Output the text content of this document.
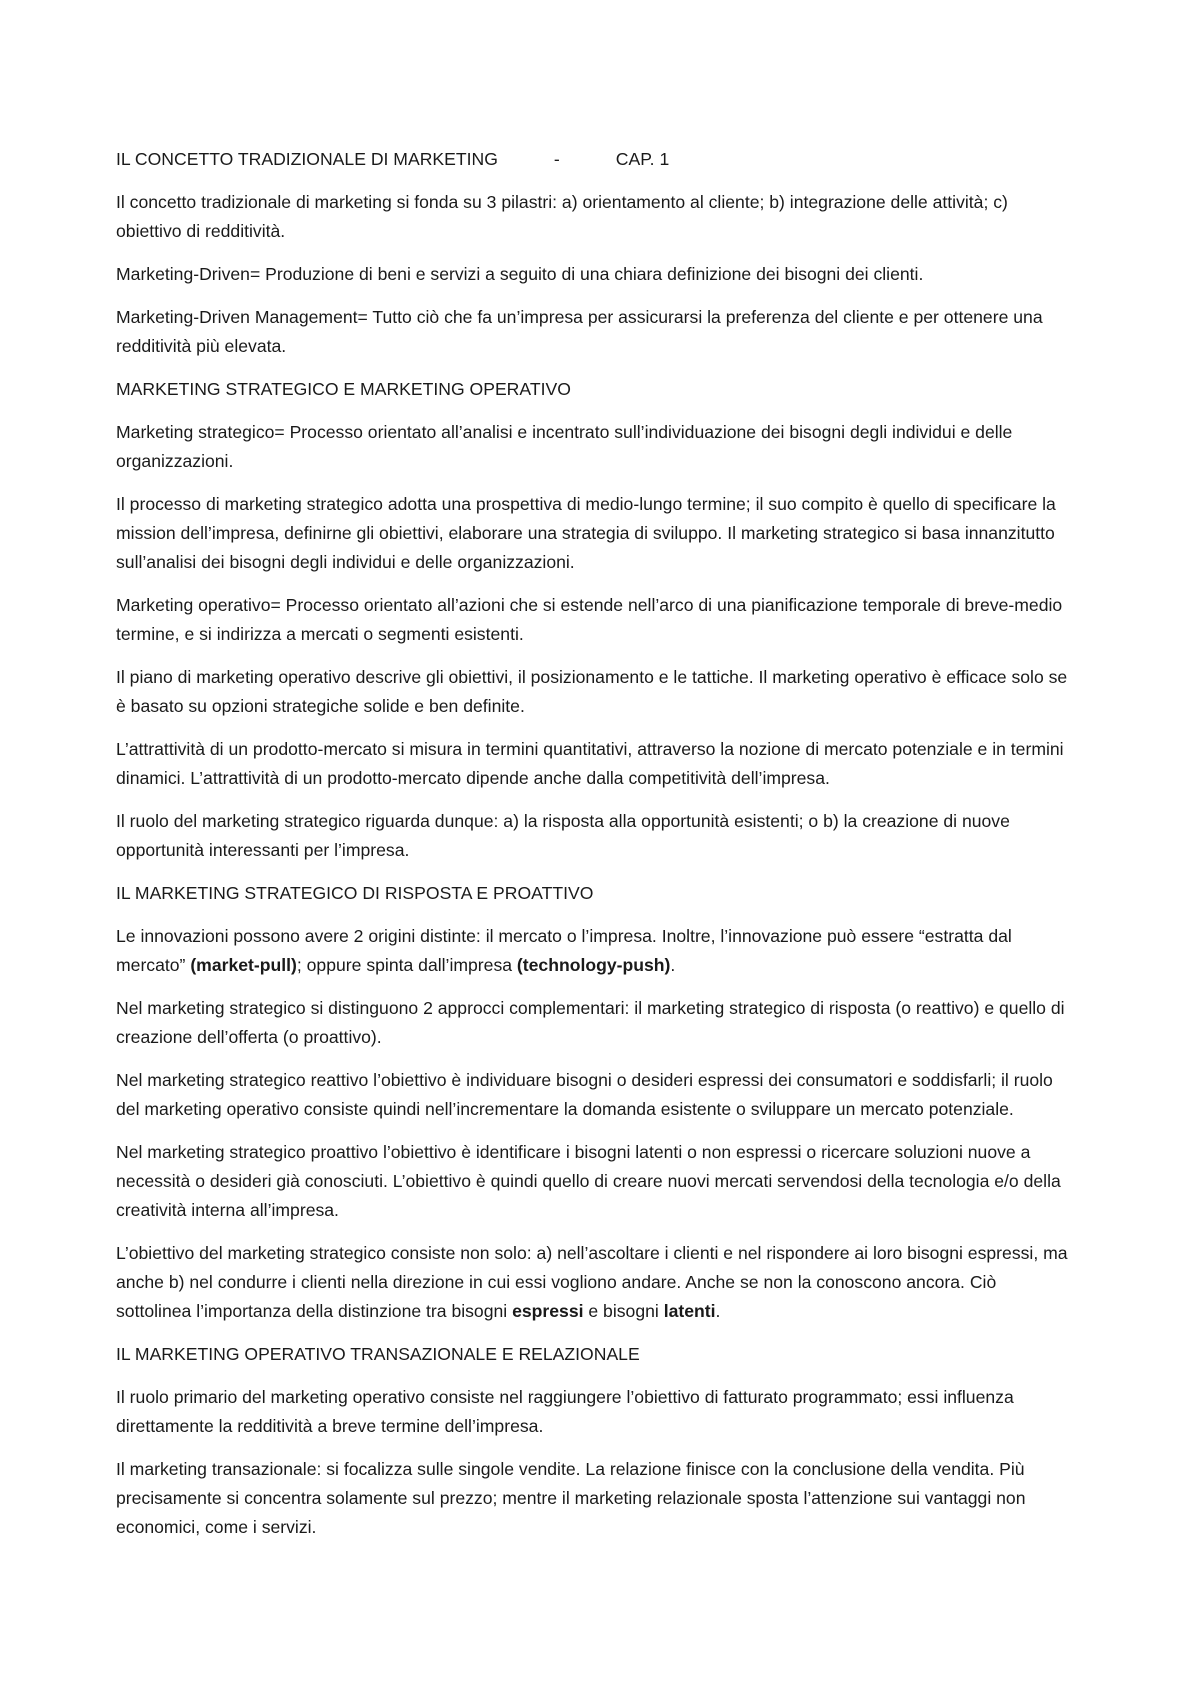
IL CONCETTO TRADIZIONALE DI MARKETING	-	CAP. 1

Il concetto tradizionale di marketing si fonda su 3 pilastri: a) orientamento al cliente; b) integrazione delle attività; c) obiettivo di redditività.

Marketing-Driven= Produzione di beni e servizi a seguito di una chiara definizione dei bisogni dei clienti.

Marketing-Driven Management= Tutto ciò che fa un’impresa per assicurarsi la preferenza del cliente e per ottenere una redditività più elevata.

MARKETING STRATEGICO E MARKETING OPERATIVO

Marketing strategico= Processo orientato all’analisi e incentrato sull’individuazione dei bisogni degli individui e delle organizzazioni.

Il processo di marketing strategico adotta una prospettiva di medio-lungo termine; il suo compito è quello di specificare la mission dell’impresa, definirne gli obiettivi, elaborare una strategia di sviluppo. Il marketing strategico si basa innanzitutto sull’analisi dei bisogni degli individui e delle organizzazioni.

Marketing operativo= Processo orientato all’azioni che si estende nell’arco di una pianificazione temporale di breve-medio termine, e si indirizza a mercati o segmenti esistenti.

Il piano di marketing operativo descrive gli obiettivi, il posizionamento e le tattiche. Il marketing operativo è efficace solo se è basato su opzioni strategiche solide e ben definite.

L’attrattività di un prodotto-mercato si misura in termini quantitativi, attraverso la nozione di mercato potenziale e in termini dinamici. L’attrattività di un prodotto-mercato dipende anche dalla competitività dell’impresa.

Il ruolo del marketing strategico riguarda dunque: a) la risposta alla opportunità esistenti; o b) la creazione di nuove opportunità interessanti per l’impresa.

IL MARKETING STRATEGICO DI RISPOSTA E PROATTIVO

Le innovazioni possono avere 2 origini distinte: il mercato o l’impresa. Inoltre, l’innovazione può essere “estratta dal mercato” (market-pull); oppure spinta dall’impresa (technology-push).

Nel marketing strategico si distinguono 2 approcci complementari: il marketing strategico di risposta (o reattivo) e quello di creazione dell’offerta (o proattivo).

Nel marketing strategico reattivo l’obiettivo è individuare bisogni o desideri espressi dei consumatori e soddisfarli; il ruolo del marketing operativo consiste quindi nell’incrementare la domanda esistente o sviluppare un mercato potenziale.

Nel marketing strategico proattivo l’obiettivo è identificare i bisogni latenti o non espressi o ricercare soluzioni nuove a necessità o desideri già conosciuti. L’obiettivo è quindi quello di creare nuovi mercati servendosi della tecnologia e/o della creatività interna all’impresa.

L’obiettivo del marketing strategico consiste non solo: a) nell’ascoltare i clienti e nel rispondere ai loro bisogni espressi, ma anche b) nel condurre i clienti nella direzione in cui essi vogliono andare. Anche se non la conoscono ancora. Ciò sottolinea l’importanza della distinzione tra bisogni espressi e bisogni latenti.

IL MARKETING OPERATIVO TRANSAZIONALE E RELAZIONALE

Il ruolo primario del marketing operativo consiste nel raggiungere l’obiettivo di fatturato programmato; essi influenza direttamente la redditività a breve termine dell’impresa.

Il marketing transazionale: si focalizza sulle singole vendite. La relazione finisce con la conclusione della vendita. Più precisamente si concentra solamente sul prezzo; mentre il marketing relazionale sposta l’attenzione sui vantaggi non economici, come i servizi.
